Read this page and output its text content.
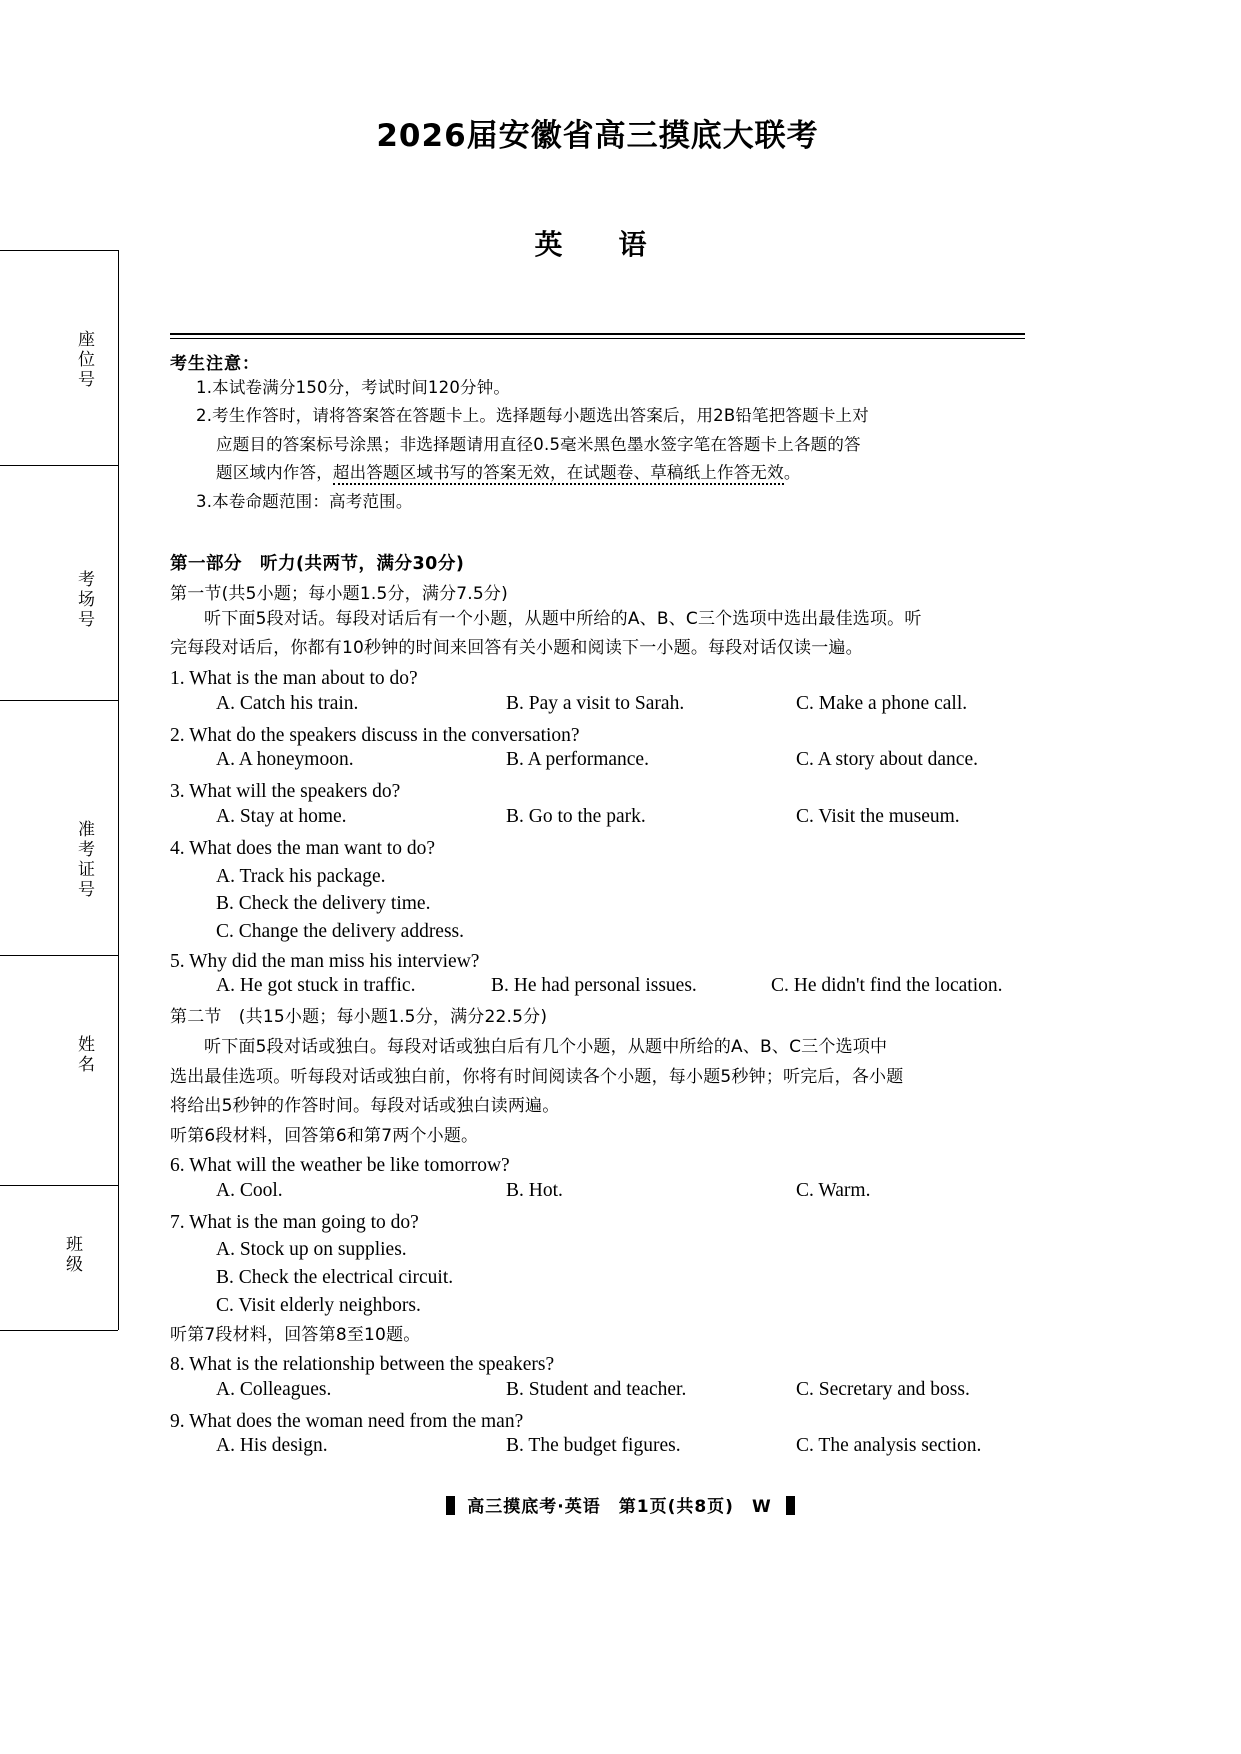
座位号
考场号
准考证号
姓名
班级
2026届安徽省高三摸底大联考
英　语
考生注意：
1.本试卷满分150分，考试时间120分钟。
2.考生作答时，请将答案答在答题卡上。选择题每小题选出答案后，用2B铅笔把答题卡上对
应题目的答案标号涂黑；非选择题请用直径0.5毫米黑色墨水签字笔在答题卡上各题的答
题区域内作答，超出答题区域书写的答案无效，在试题卷、草稿纸上作答无效。
3.本卷命题范围：高考范围。
第一部分　听力(共两节，满分30分)
第一节(共5小题；每小题1.5分，满分7.5分)
听下面5段对话。每段对话后有一个小题，从题中所给的A、B、C三个选项中选出最佳选项。听
完每段对话后，你都有10秒钟的时间来回答有关小题和阅读下一小题。每段对话仅读一遍。
1. What is the man about to do?
A. Catch his train.	B. Pay a visit to Sarah.	C. Make a phone call.
2. What do the speakers discuss in the conversation?
A. A honeymoon.	B. A performance.	C. A story about dance.
3. What will the speakers do?
A. Stay at home.	B. Go to the park.	C. Visit the museum.
4. What does the man want to do?
A. Track his package.
B. Check the delivery time.
C. Change the delivery address.
5. Why did the man miss his interview?
A. He got stuck in traffic.	B. He had personal issues.	C. He didn't find the location.
第二节　(共15小题；每小题1.5分，满分22.5分)
听下面5段对话或独白。每段对话或独白后有几个小题，从题中所给的A、B、C三个选项中
选出最佳选项。听每段对话或独白前，你将有时间阅读各个小题，每小题5秒钟；听完后，各小题
将给出5秒钟的作答时间。每段对话或独白读两遍。
听第6段材料，回答第6和第7两个小题。
6. What will the weather be like tomorrow?
A. Cool.	B. Hot.	C. Warm.
7. What is the man going to do?
A. Stock up on supplies.
B. Check the electrical circuit.
C. Visit elderly neighbors.
听第7段材料，回答第8至10题。
8. What is the relationship between the speakers?
A. Colleagues.	B. Student and teacher.	C. Secretary and boss.
9. What does the woman need from the man?
A. His design.	B. The budget figures.	C. The analysis section.
高三摸底考·英语　第1页(共8页)　W
